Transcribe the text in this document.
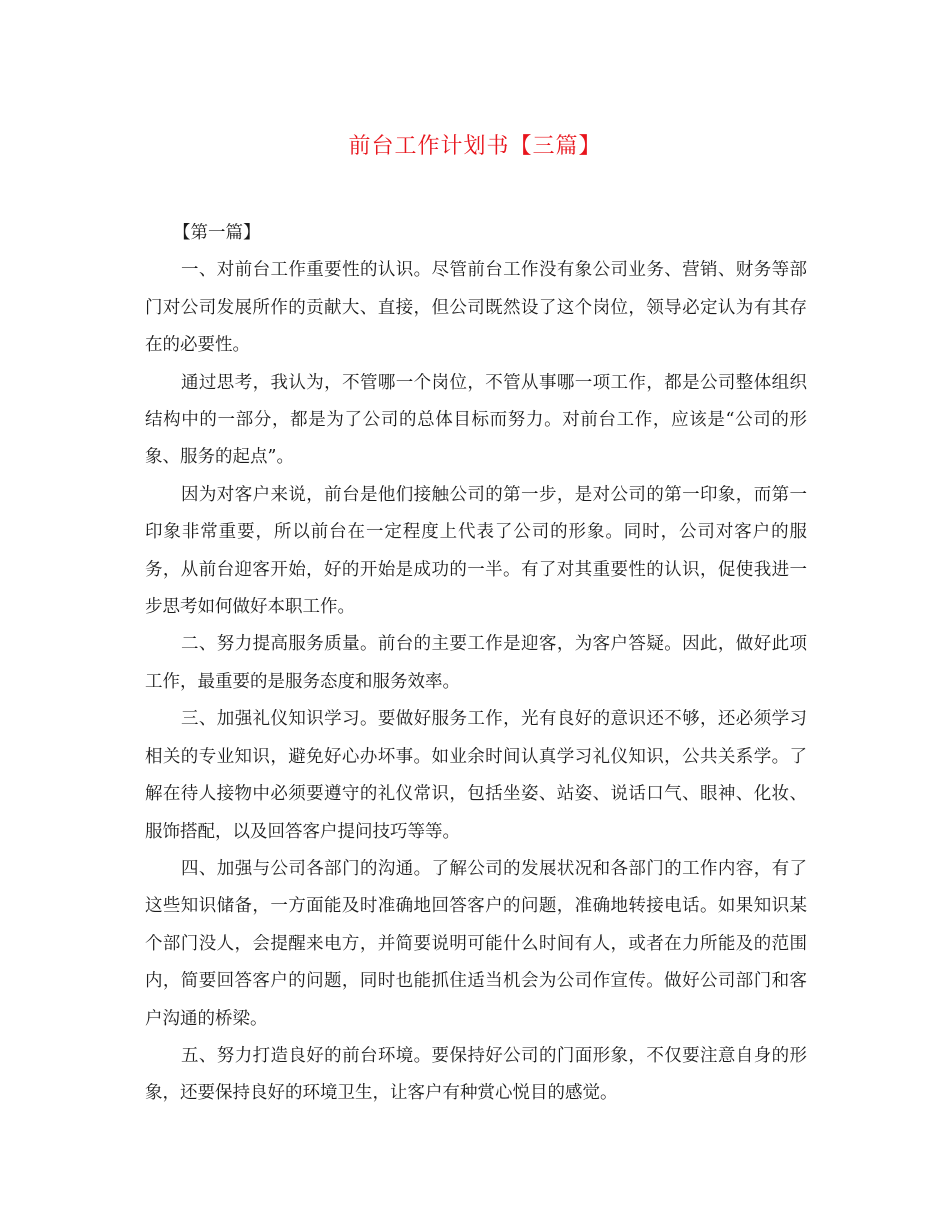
前台工作计划书【三篇】

【第一篇】

一、对前台工作重要性的认识。尽管前台工作没有象公司业务、营销、财务等部门对公司发展所作的贡献大、直接，但公司既然设了这个岗位，领导必定认为有其存在的必要性。

通过思考，我认为，不管哪一个岗位，不管从事哪一项工作，都是公司整体组织结构中的一部分，都是为了公司的总体目标而努力。对前台工作，应该是“公司的形象、服务的起点”。

因为对客户来说，前台是他们接触公司的第一步，是对公司的第一印象，而第一印象非常重要，所以前台在一定程度上代表了公司的形象。同时，公司对客户的服务，从前台迎客开始，好的开始是成功的一半。有了对其重要性的认识，促使我进一步思考如何做好本职工作。

二、努力提高服务质量。前台的主要工作是迎客，为客户答疑。因此，做好此项工作，最重要的是服务态度和服务效率。

三、加强礼仪知识学习。要做好服务工作，光有良好的意识还不够，还必须学习相关的专业知识，避免好心办坏事。如业余时间认真学习礼仪知识，公共关系学。了解在待人接物中必须要遵守的礼仪常识，包括坐姿、站姿、说话口气、眼神、化妆、服饰搭配，以及回答客户提问技巧等等。

四、加强与公司各部门的沟通。了解公司的发展状况和各部门的工作内容，有了这些知识储备，一方面能及时准确地回答客户的问题，准确地转接电话。如果知识某个部门没人，会提醒来电方，并简要说明可能什么时间有人，或者在力所能及的范围内，简要回答客户的问题，同时也能抓住适当机会为公司作宣传。做好公司部门和客户沟通的桥梁。

五、努力打造良好的前台环境。要保持好公司的门面形象，不仅要注意自身的形象，还要保持良好的环境卫生，让客户有种赏心悦目的感觉。
